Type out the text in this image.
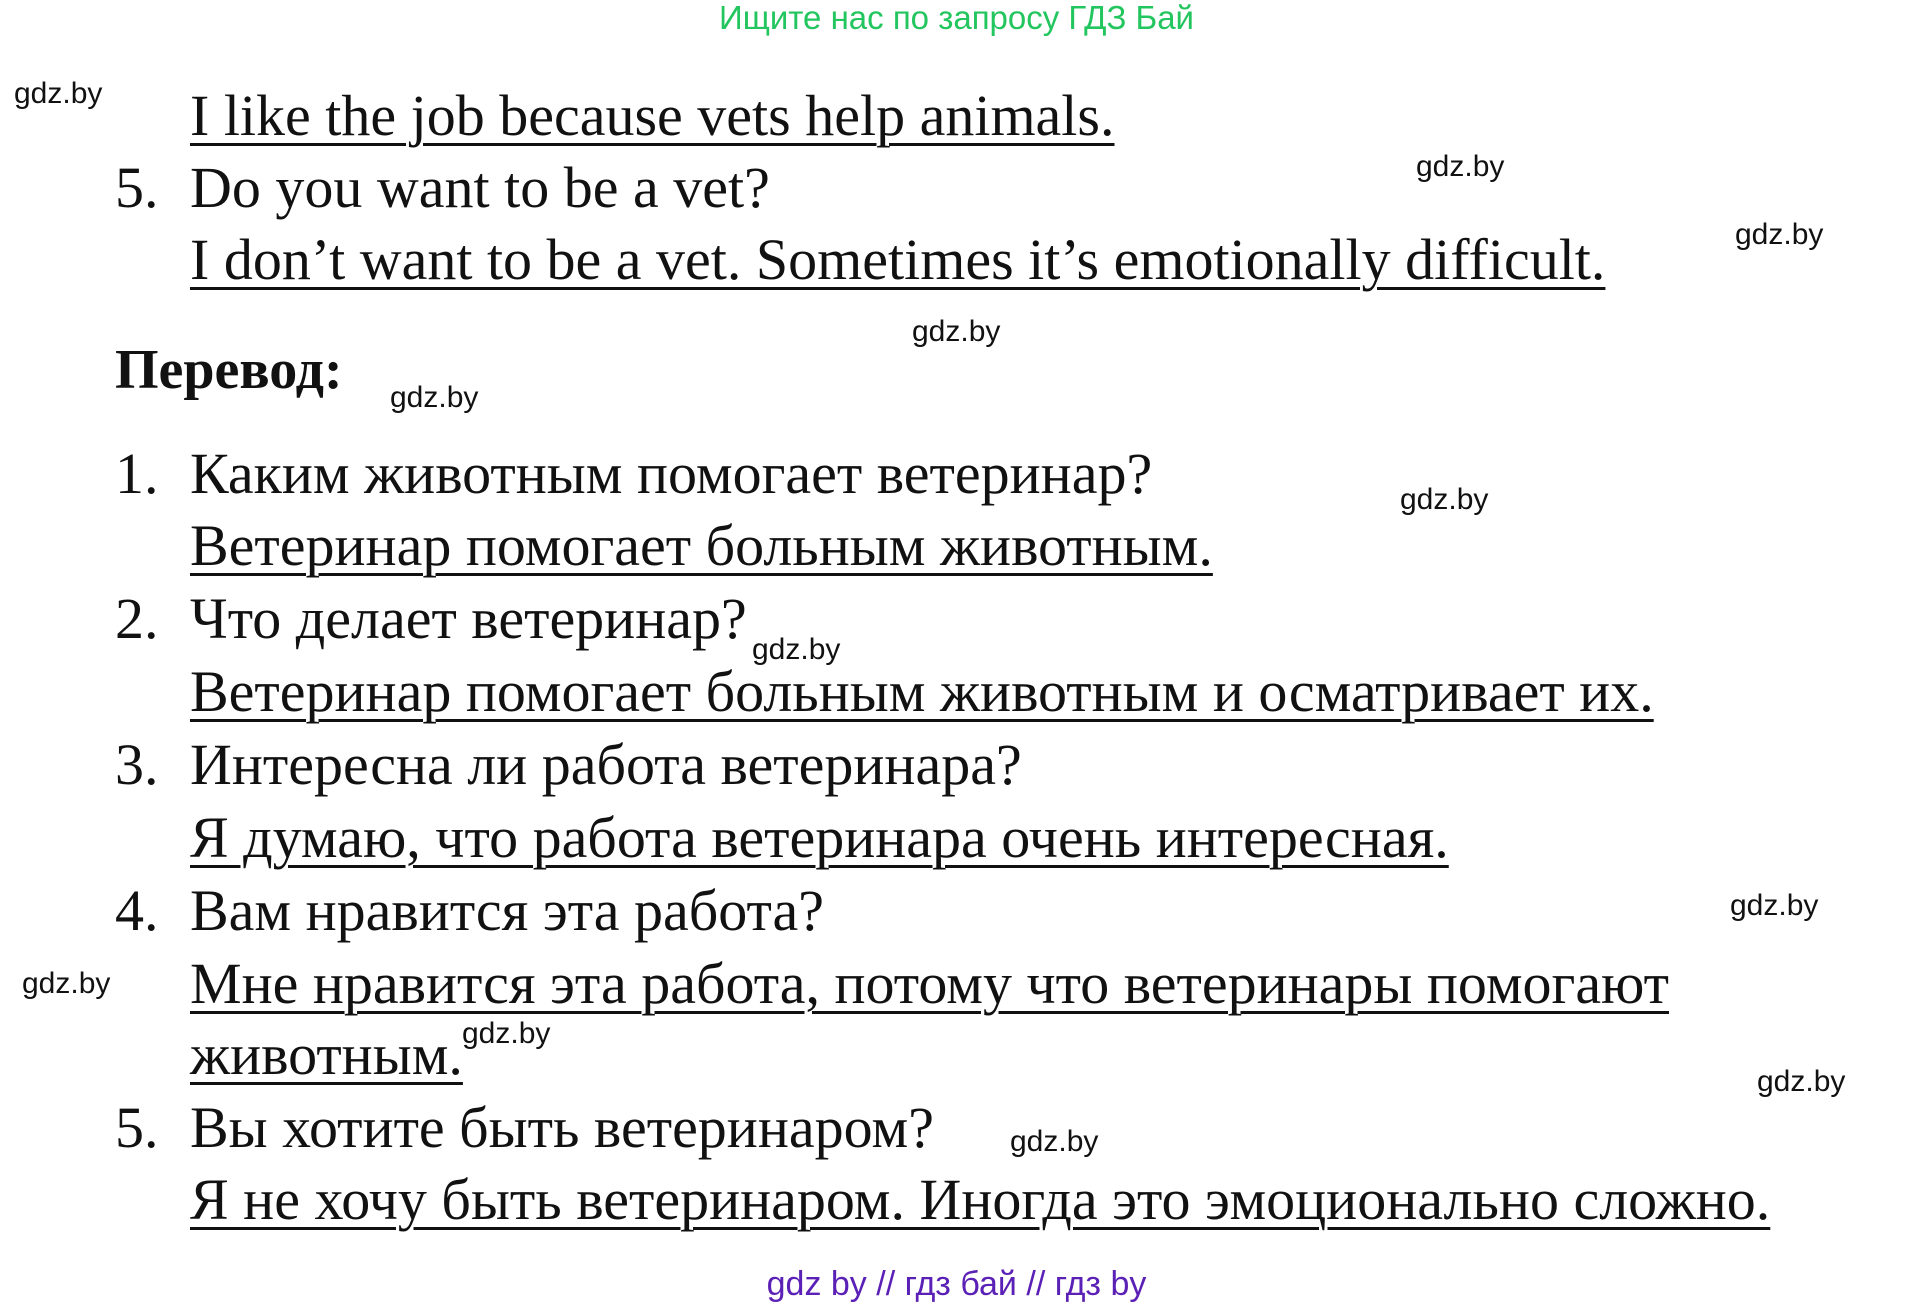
Ищите нас по запросу ГДЗ Бай
I like the job because vets help animals.
5. Do you want to be a vet?
I don’t want to be a vet. Sometimes it’s emotionally difficult.
Перевод:
1. Каким животным помогает ветеринар?
Ветеринар помогает больным животным.
2. Что делает ветеринар?
Ветеринар помогает больным животным и осматривает их.
3. Интересна ли работа ветеринара?
Я думаю, что работа ветеринара очень интересная.
4. Вам нравится эта работа?
Мне нравится эта работа, потому что ветеринары помогают
животным.
5. Вы хотите быть ветеринаром?
Я не хочу быть ветеринаром. Иногда это эмоционально сложно.
gdz.by
gdz.by
gdz.by
gdz.by
gdz.by
gdz.by
gdz.by
gdz.by
gdz.by
gdz.by
gdz.by
gdz.by
gdz by // гдз бай // гдз by
